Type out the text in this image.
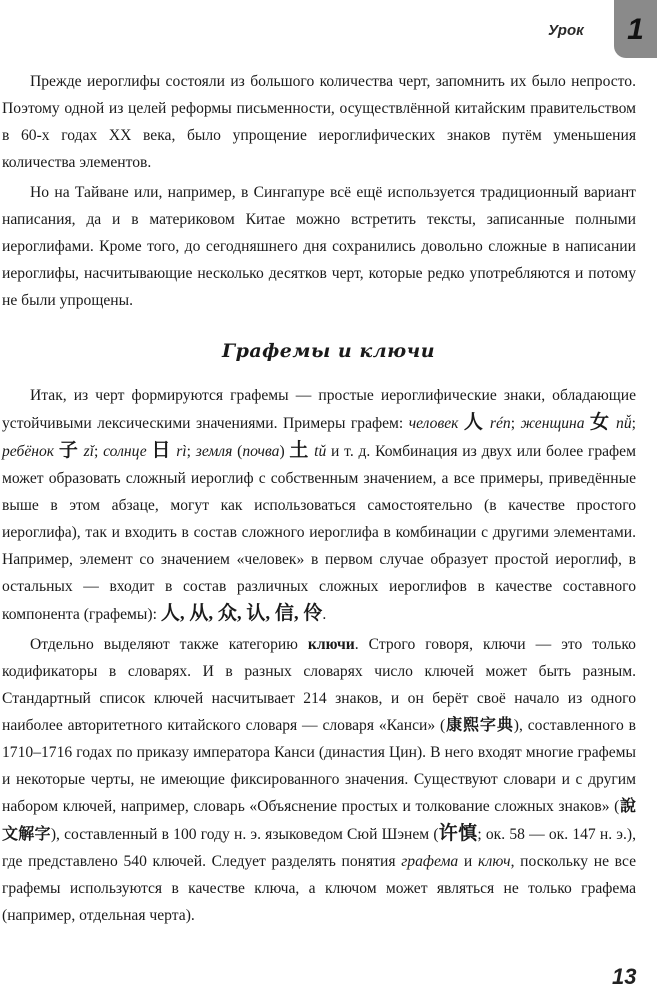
Урок 1

Прежде иероглифы состояли из большого количества черт, запомнить их было непросто. Поэтому одной из целей реформы письменности, осуществлённой китайским правительством в 60-х годах XX века, было упрощение иероглифических знаков путём уменьшения количества элементов.

Но на Тайване или, например, в Сингапуре всё ещё используется традиционный вариант написания, да и в материковом Китае можно встретить тексты, записанные полными иероглифами. Кроме того, до сегодняшнего дня сохранились довольно сложные в написании иероглифы, насчитывающие несколько десятков черт, которые редко употребляются и потому не были упрощены.

Графемы и ключи

Итак, из черт формируются графемы — простые иероглифические знаки, обладающие устойчивыми лексическими значениями. Примеры графем: человек 人 rén; женщина 女 nǚ; ребёнок 子 zǐ; солнце 日 rì; земля (почва) 土 tǔ и т. д. Комбинация из двух или более графем может образовать сложный иероглиф с собственным значением, а все примеры, приведённые выше в этом абзаце, могут как использоваться самостоятельно (в качестве простого иероглифа), так и входить в состав сложного иероглифа в комбинации с другими элементами. Например, элемент со значением «человек» в первом случае образует простой иероглиф, в остальных — входит в состав различных сложных иероглифов в качестве составного компонента (графемы): 人, 从, 众, 认, 信, 伶.

Отдельно выделяют также категорию ключи. Строго говоря, ключи — это только кодификаторы в словарях. И в разных словарях число ключей может быть разным. Стандартный список ключей насчитывает 214 знаков, и он берёт своё начало из одного наиболее авторитетного китайского словаря — словаря «Канси» (康熙字典), составленного в 1710–1716 годах по приказу императора Канси (династия Цин). В него входят многие графемы и некоторые черты, не имеющие фиксированного значения. Существуют словари и с другим набором ключей, например, словарь «Объяснение простых и толкование сложных знаков» (說文解字), составленный в 100 году н. э. языковедом Сюй Шэнем (许慎; ок. 58 — ок. 147 н. э.), где представлено 540 ключей. Следует разделять понятия графема и ключ, поскольку не все графемы используются в качестве ключа, а ключом может являться не только графема (например, отдельная черта).

13
